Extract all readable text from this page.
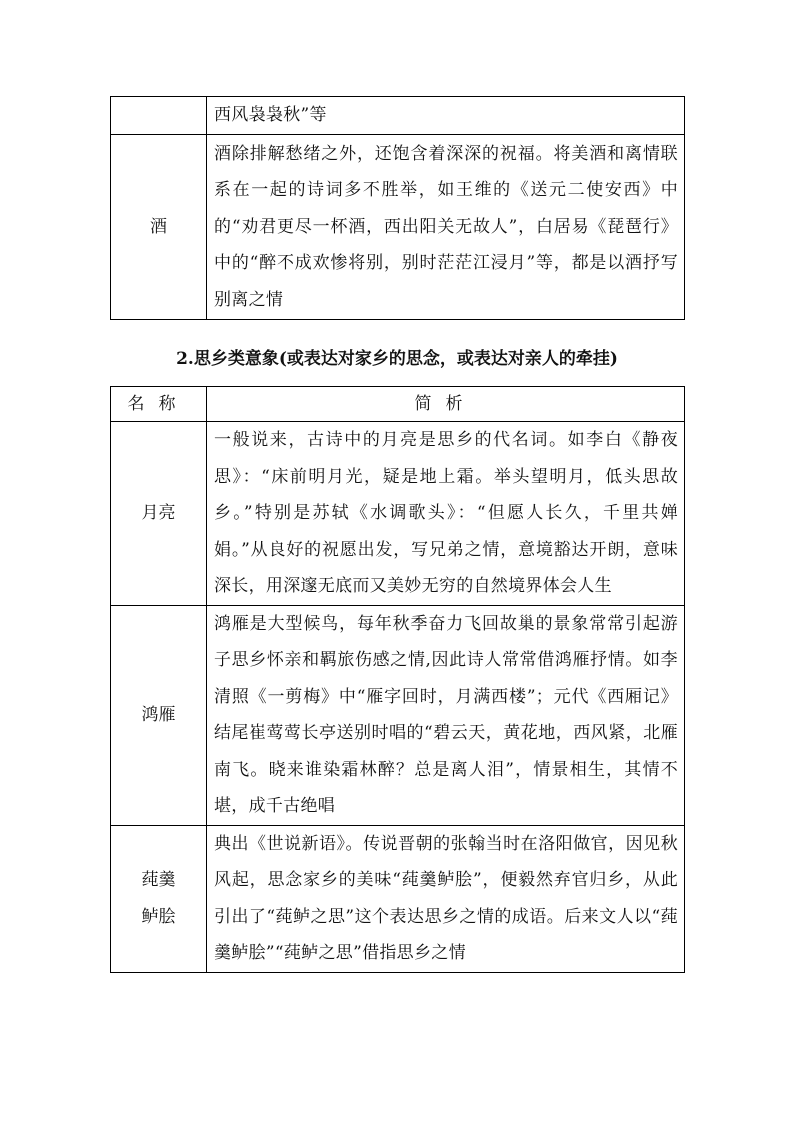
	西风袅袅秋”等
酒	酒除排解愁绪之外，还饱含着深深的祝福。将美酒和离情联系在一起的诗词多不胜举，如王维的《送元二使安西》中的“劝君更尽一杯酒，西出阳关无故人”，白居易《琵琶行》中的“醉不成欢惨将别，别时茫茫江浸月”等，都是以酒抒写别离之情
2.思乡类意象(或表达对家乡的思念，或表达对亲人的牵挂)
名称	简析
月亮	一般说来，古诗中的月亮是思乡的代名词。如李白《静夜思》：“床前明月光，疑是地上霜。举头望明月，低头思故乡。”特别是苏轼《水调歌头》：“但愿人长久，千里共婵娟。”从良好的祝愿出发，写兄弟之情，意境豁达开朗，意味深长，用深邃无底而又美妙无穷的自然境界体会人生
鸿雁	鸿雁是大型候鸟，每年秋季奋力飞回故巢的景象常常引起游子思乡怀亲和羁旅伤感之情,因此诗人常常借鸿雁抒情。如李清照《一剪梅》中“雁字回时，月满西楼”；元代《西厢记》结尾崔莺莺长亭送别时唱的“碧云天，黄花地，西风紧，北雁南飞。晓来谁染霜林醉？总是离人泪”，情景相生，其情不堪，成千古绝唱
莼羹鲈脍	典出《世说新语》。传说晋朝的张翰当时在洛阳做官，因见秋风起，思念家乡的美味“莼羹鲈脍”，便毅然弃官归乡，从此引出了“莼鲈之思”这个表达思乡之情的成语。后来文人以“莼羹鲈脍”“莼鲈之思”借指思乡之情
